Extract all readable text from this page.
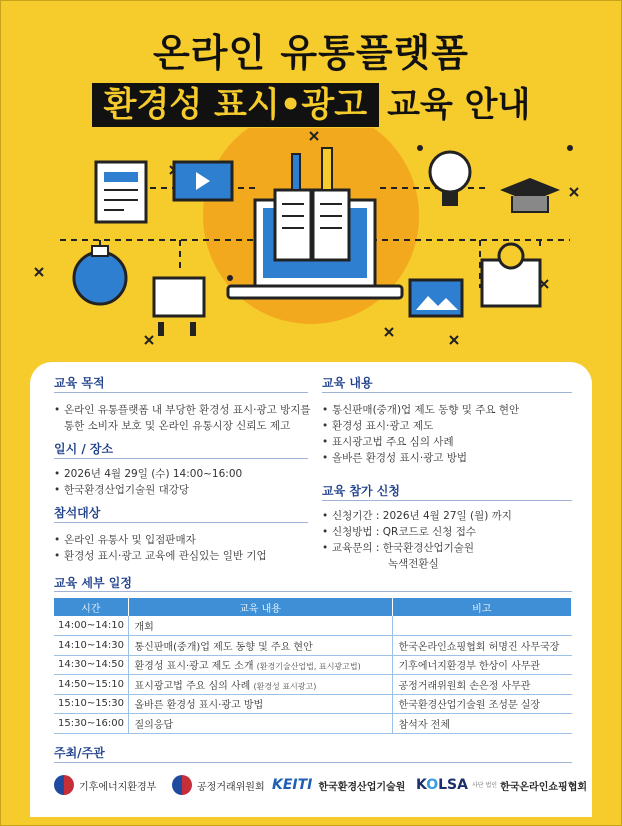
온라인 유통플랫폼
환경성 표시•광고 교육 안내
교육 목적
• 온라인 유통플랫폼 내 부당한 환경성 표시·광고 방지를
통한 소비자 보호 및 온라인 유통시장 신뢰도 제고
일시 / 장소
• 2026년 4월 29일 (수) 14:00~16:00
• 한국환경산업기술원 대강당
참석대상
• 온라인 유통사 및 입점판매자
• 환경성 표시·광고 교육에 관심있는 일반 기업
교육 내용
• 통신판매(중개)업 제도 동향 및 주요 현안
• 환경성 표시·광고 제도
• 표시광고법 주요 심의 사례
• 올바른 환경성 표시·광고 방법
교육 참가 신청
• 신청기간 : 2026년 4월 27일 (월) 까지
• 신청방법 : QR코드로 신청 접수
• 교육문의 : 한국환경산업기술원
녹색전환실
교육 세부 일정
시간	교육 내용	비고
14:00~14:10	개회	
14:10~14:30	통신판매(중개)업 제도 동향 및 주요 현안	한국온라인쇼핑협회 허명진 사무국장
14:30~14:50	환경성 표시·광고 제도 소개 (환경기술산업법, 표시광고법)	기후에너지환경부 한상이 사무관
14:50~15:10	표시광고법 주요 심의 사례 (환경성 표시광고)	공정거래위원회 손은정 사무관
15:10~15:30	올바른 환경성 표시·광고 방법	한국환경산업기술원 조성문 실장
15:30~16:00	질의응답	참석자 전체
주최/주관
기후에너지환경부	공정거래위원회 KEITI 한국환경산업기술원 KOLSA 사단 법인 한국온라인쇼핑협회
